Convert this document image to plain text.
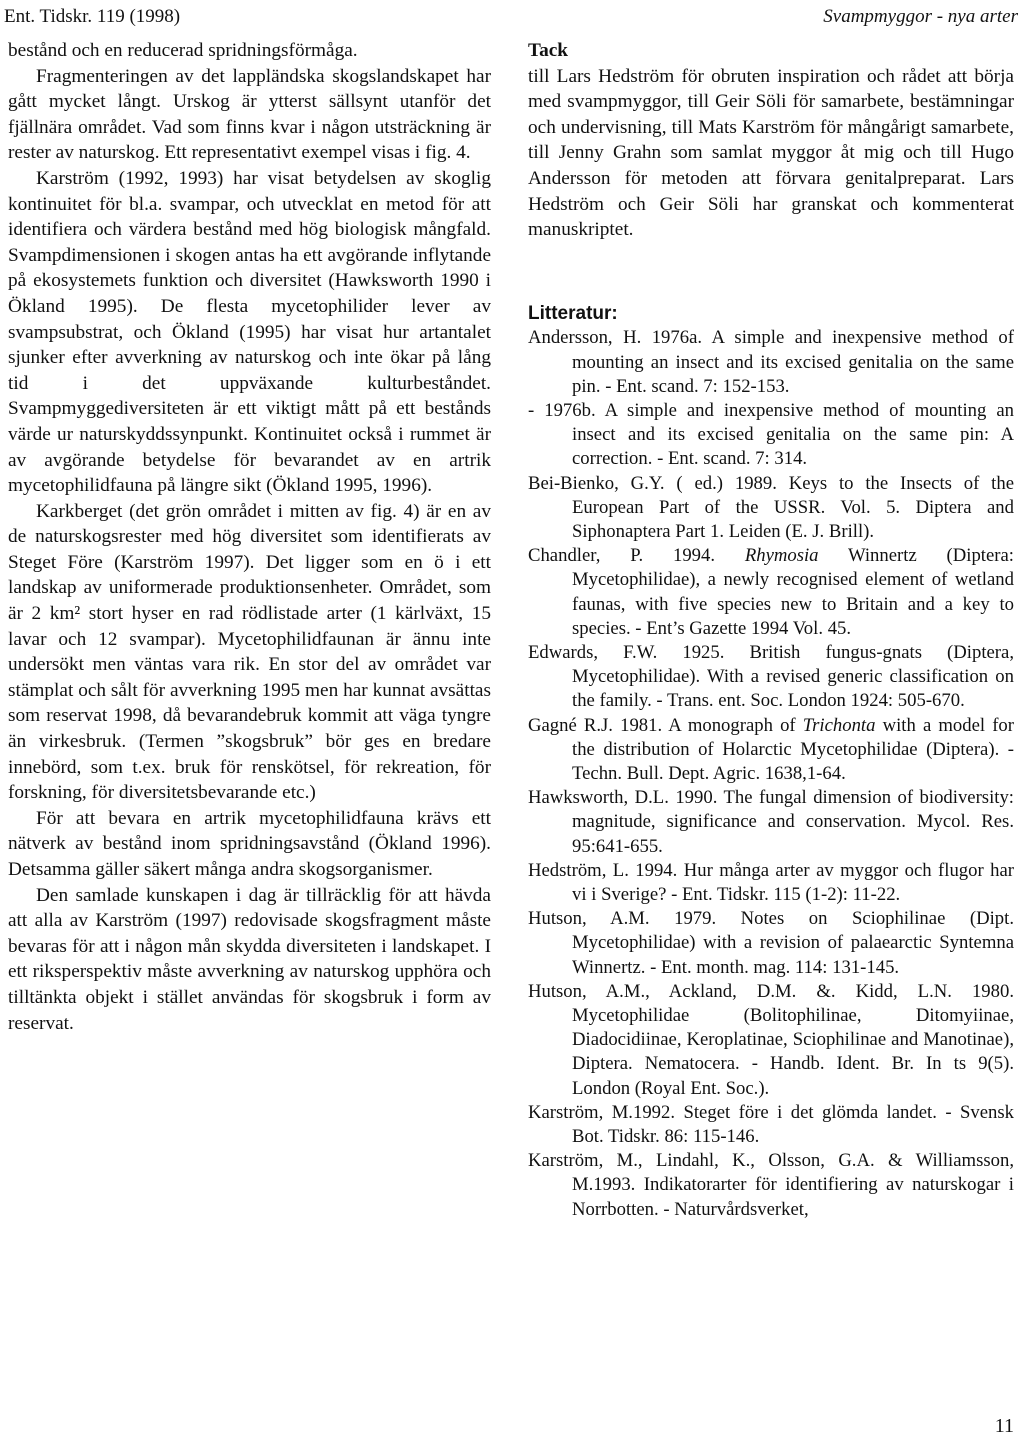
Ent. Tidskr. 119 (1998)	Svampmyggor - nya arter

bestånd och en reducerad spridningsförmåga.

Fragmenteringen av det lappländska skogslandskapet har gått mycket långt. Urskog är ytterst sällsynt utanför det fjällnära området. Vad som finns kvar i någon utsträckning är rester av naturskog. Ett representativt exempel visas i fig. 4.

Karström (1992, 1993) har visat betydelsen av skoglig kontinuitet för bl.a. svampar, och utvecklat en metod för att identifiera och värdera bestånd med hög biologisk mångfald. Svampdimensionen i skogen antas ha ett avgörande inflytande på ekosystemets funktion och diversitet (Hawksworth 1990 i Ökland 1995). De flesta mycetophilider lever av svampsubstrat, och Ökland (1995) har visat hur artantalet sjunker efter avverkning av naturskog och inte ökar på lång tid i det uppväxande kulturbeståndet. Svampmyggediversiteten är ett viktigt mått på ett bestånds värde ur naturskyddssynpunkt. Kontinuitet också i rummet är av avgörande betydelse för bevarandet av en artrik mycetophilidfauna på längre sikt (Ökland 1995, 1996).

Karkberget (det grön området i mitten av fig. 4) är en av de naturskogsrester med hög diversitet som identifierats av Steget Före (Karström 1997). Det ligger som en ö i ett landskap av uniformerade produktionsenheter. Området, som är 2 km² stort hyser en rad rödlistade arter (1 kärlväxt, 15 lavar och 12 svampar). Mycetophilidfaunan är ännu inte undersökt men väntas vara rik. En stor del av området var stämplat och sålt för avverkning 1995 men har kunnat avsättas som reservat 1998, då bevarandebruk kommit att väga tyngre än virkesbruk. (Termen ”skogsbruk” bör ges en bredare innebörd, som t.ex. bruk för renskötsel, för rekreation, för forskning, för diversitetsbevarande etc.)

För att bevara en artrik mycetophilidfauna krävs ett nätverk av bestånd inom spridningsavstånd (Ökland 1996). Detsamma gäller säkert många andra skogsorganismer.

Den samlade kunskapen i dag är tillräcklig för att hävda att alla av Karström (1997) redovisade skogsfragment måste bevaras för att i någon mån skydda diversiteten i landskapet. I ett riksperspektiv måste avverkning av naturskog upphöra och tilltänkta objekt i stället användas för skogsbruk i form av reservat.

Tack

till Lars Hedström för obruten inspiration och rådet att börja med svampmyggor, till Geir Söli för samarbete, bestämningar och undervisning, till Mats Karström för mångårigt samarbete, till Jenny Grahn som samlat myggor åt mig och till Hugo Andersson för metoden att förvara genitalpreparat. Lars Hedström och Geir Söli har granskat och kommenterat manuskriptet.

Litteratur:

Andersson, H. 1976a. A simple and inexpensive method of mounting an insect and its excised genitalia on the same pin. - Ent. scand. 7: 152-153.

- 1976b. A simple and inexpensive method of mounting an insect and its excised genitalia on the same pin: A correction. - Ent. scand. 7: 314.

Bei-Bienko, G.Y. ( ed.) 1989. Keys to the Insects of the European Part of the USSR. Vol. 5. Diptera and Siphonaptera Part 1. Leiden (E. J. Brill).

Chandler, P. 1994. Rhymosia Winnertz (Diptera: Mycetophilidae), a newly recognised element of wetland faunas, with five species new to Britain and a key to species. - Ent’s Gazette 1994 Vol. 45.

Edwards, F.W. 1925. British fungus-gnats (Diptera, Mycetophilidae). With a revised generic classification on the family. - Trans. ent. Soc. London 1924: 505-670.

Gagné R.J. 1981. A monograph of Trichonta with a model for the distribution of Holarctic Mycetophilidae (Diptera). - Techn. Bull. Dept. Agric. 1638,1-64.

Hawksworth, D.L. 1990. The fungal dimension of biodiversity: magnitude, significance and conservation. Mycol. Res. 95:641-655.

Hedström, L. 1994. Hur många arter av myggor och flugor har vi i Sverige? - Ent. Tidskr. 115 (1-2): 11-22.

Hutson, A.M. 1979. Notes on Sciophilinae (Dipt. Mycetophilidae) with a revision of palaearctic Syntemna Winnertz. - Ent. month. mag. 114: 131-145.

Hutson, A.M., Ackland, D.M. &. Kidd, L.N. 1980. Mycetophilidae (Bolitophilinae, Ditomyiinae, Diadocidiinae, Keroplatinae, Sciophilinae and Manotinae), Diptera. Nematocera. - Handb. Ident. Br. In ts 9(5). London (Royal Ent. Soc.).

Karström, M.1992. Steget före i det glömda landet. - Svensk Bot. Tidskr. 86: 115-146.

Karström, M., Lindahl, K., Olsson, G.A. & Williamsson, M.1993. Indikatorarter för identifiering av naturskogar i Norrbotten. - Naturvårdsverket,

11
